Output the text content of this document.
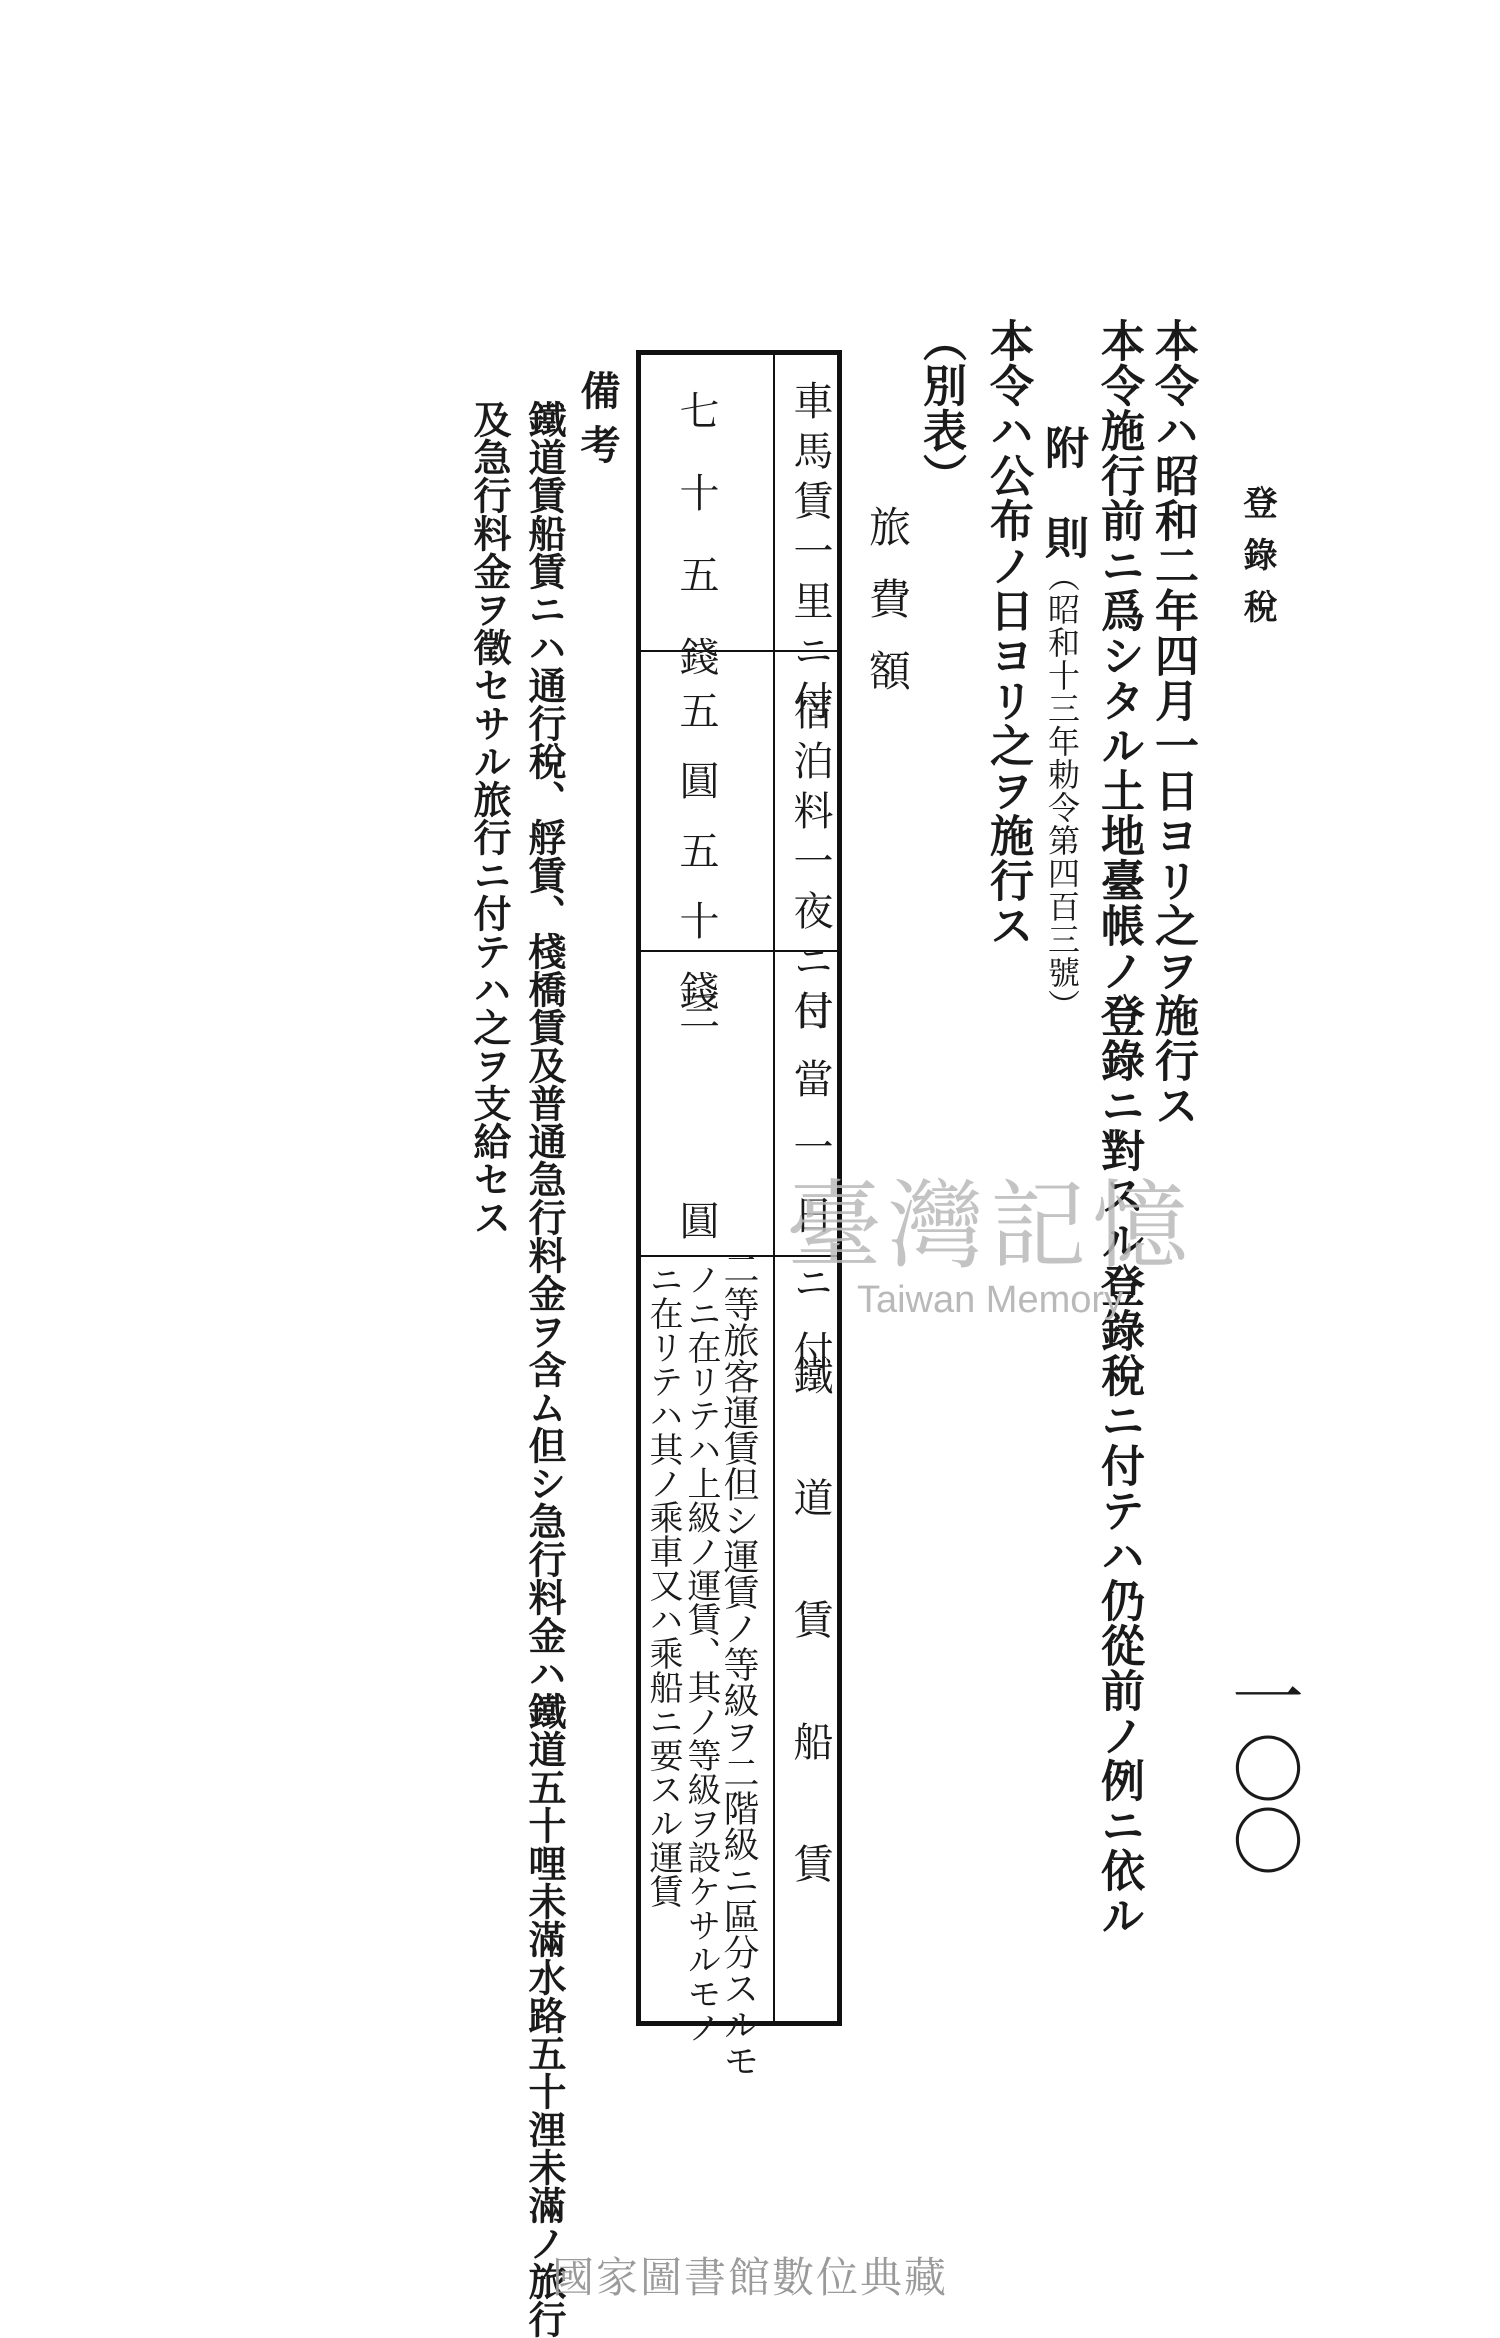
登錄稅
一〇〇
本令ハ昭和二年四月一日ヨリ之ヲ施行ス
本令施行前ニ爲シタル土地臺帳ノ登錄ニ對スル登錄稅ニ付テハ仍從前ノ例ニ依ル
附　則（昭和十三年勅令第四百三號）
本令ハ公布ノ日ヨリ之ヲ施行ス
（別表）
旅費額
車馬賃一里ニ付
七十五錢
宿泊料一夜ニ付
五圓五十錢
日當一日ニ付
三圓
鐵道賃船賃
二等旅客運賃但シ運賃ノ等級ヲ二階級ニ區分スルモ
ノニ在リテハ上級ノ運賃、其ノ等級ヲ設ケサルモノ
ニ在リテハ其ノ乘車又ハ乘船ニ要スル運賃
備考
鐵道賃船賃ニハ通行稅、艀賃、棧橋賃及普通急行料金ヲ含ム但シ急行料金ハ鐵道五十哩未滿水路五十浬未滿ノ旅行
及急行料金ヲ徵セサル旅行ニ付テハ之ヲ支給セス	臺灣記憶
Taiwan Memory
國家圖書館數位典藏
